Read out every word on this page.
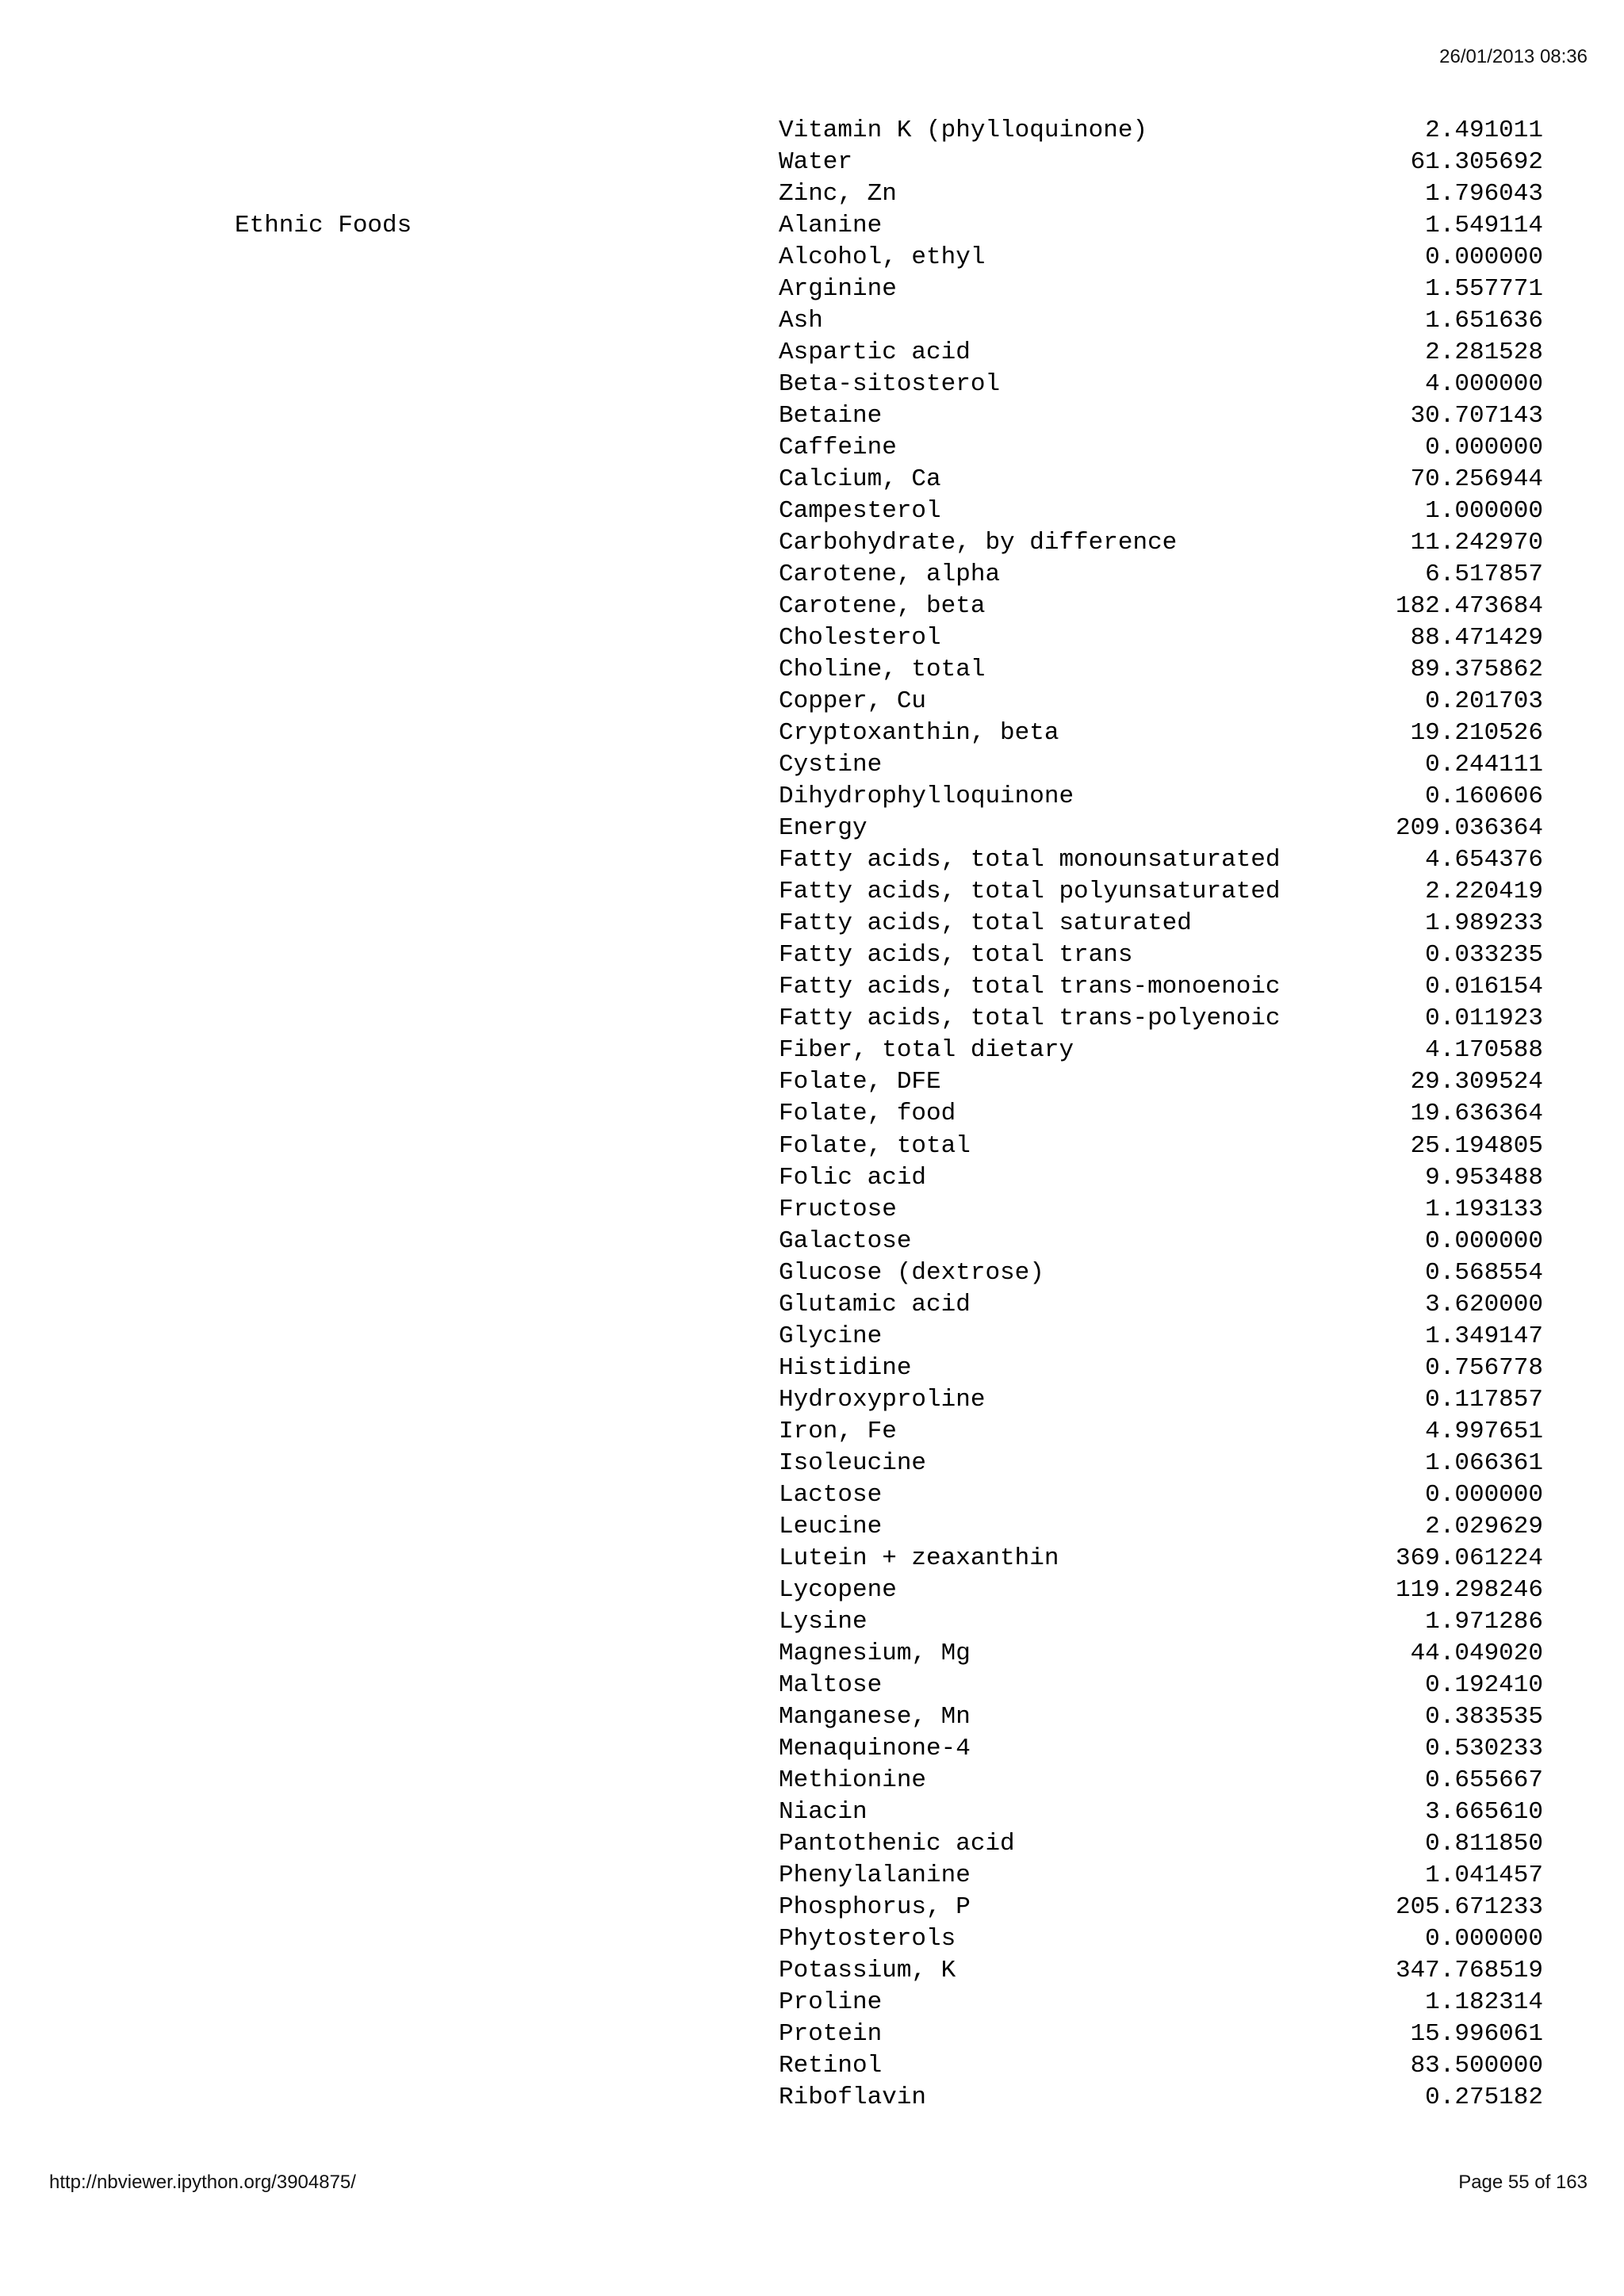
26/01/2013 08:36
Vitamin K (phylloquinone)	2.491011
Water	61.305692
Zinc, Zn	1.796043
Ethnic Foods	Alanine	1.549114
Alcohol, ethyl	0.000000
Arginine	1.557771
Ash	1.651636
Aspartic acid	2.281528
Beta-sitosterol	4.000000
Betaine	30.707143
Caffeine	0.000000
Calcium, Ca	70.256944
Campesterol	1.000000
Carbohydrate, by difference	11.242970
Carotene, alpha	6.517857
Carotene, beta	182.473684
Cholesterol	88.471429
Choline, total	89.375862
Copper, Cu	0.201703
Cryptoxanthin, beta	19.210526
Cystine	0.244111
Dihydrophylloquinone	0.160606
Energy	209.036364
Fatty acids, total monounsaturated	4.654376
Fatty acids, total polyunsaturated	2.220419
Fatty acids, total saturated	1.989233
Fatty acids, total trans	0.033235
Fatty acids, total trans-monoenoic	0.016154
Fatty acids, total trans-polyenoic	0.011923
Fiber, total dietary	4.170588
Folate, DFE	29.309524
Folate, food	19.636364
Folate, total	25.194805
Folic acid	9.953488
Fructose	1.193133
Galactose	0.000000
Glucose (dextrose)	0.568554
Glutamic acid	3.620000
Glycine	1.349147
Histidine	0.756778
Hydroxyproline	0.117857
Iron, Fe	4.997651
Isoleucine	1.066361
Lactose	0.000000
Leucine	2.029629
Lutein + zeaxanthin	369.061224
Lycopene	119.298246
Lysine	1.971286
Magnesium, Mg	44.049020
Maltose	0.192410
Manganese, Mn	0.383535
Menaquinone-4	0.530233
Methionine	0.655667
Niacin	3.665610
Pantothenic acid	0.811850
Phenylalanine	1.041457
Phosphorus, P	205.671233
Phytosterols	0.000000
Potassium, K	347.768519
Proline	1.182314
Protein	15.996061
Retinol	83.500000
Riboflavin	0.275182
http://nbviewer.ipython.org/3904875/	Page 55 of 163
